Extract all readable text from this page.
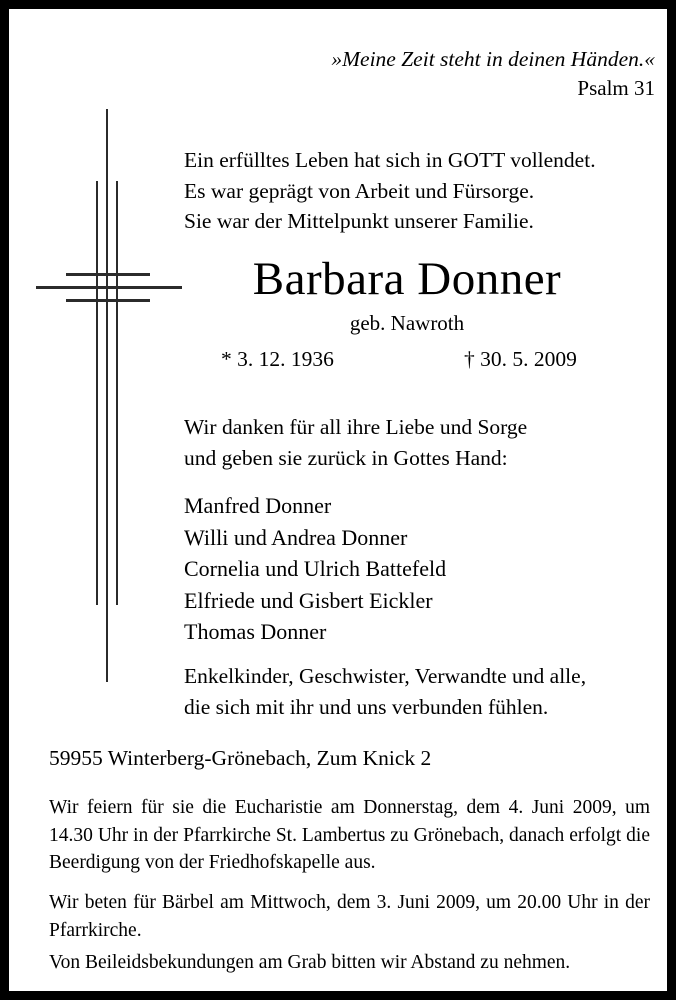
»Meine Zeit steht in deinen Händen.«
Psalm 31
Ein erfülltes Leben hat sich in GOTT vollendet.
Es war geprägt von Arbeit und Fürsorge.
Sie war der Mittelpunkt unserer Familie.
Barbara Donner
geb. Nawroth
* 3. 12. 1936	† 30. 5. 2009
Wir danken für all ihre Liebe und Sorge
und geben sie zurück in Gottes Hand:
Manfred Donner
Willi und Andrea Donner
Cornelia und Ulrich Battefeld
Elfriede und Gisbert Eickler
Thomas Donner
Enkelkinder, Geschwister, Verwandte und alle,
die sich mit ihr und uns verbunden fühlen.
59955 Winterberg-Grönebach, Zum Knick 2

Wir feiern für sie die Eucharistie am Donnerstag, dem 4. Juni 2009, um 14.30 Uhr in der Pfarrkirche St. Lambertus zu Grönebach, danach erfolgt die Beerdigung von der Friedhofskapelle aus.

Wir beten für Bärbel am Mittwoch, dem 3. Juni 2009, um 20.00 Uhr in der Pfarrkirche.

Von Beileidsbekundungen am Grab bitten wir Abstand zu nehmen.
